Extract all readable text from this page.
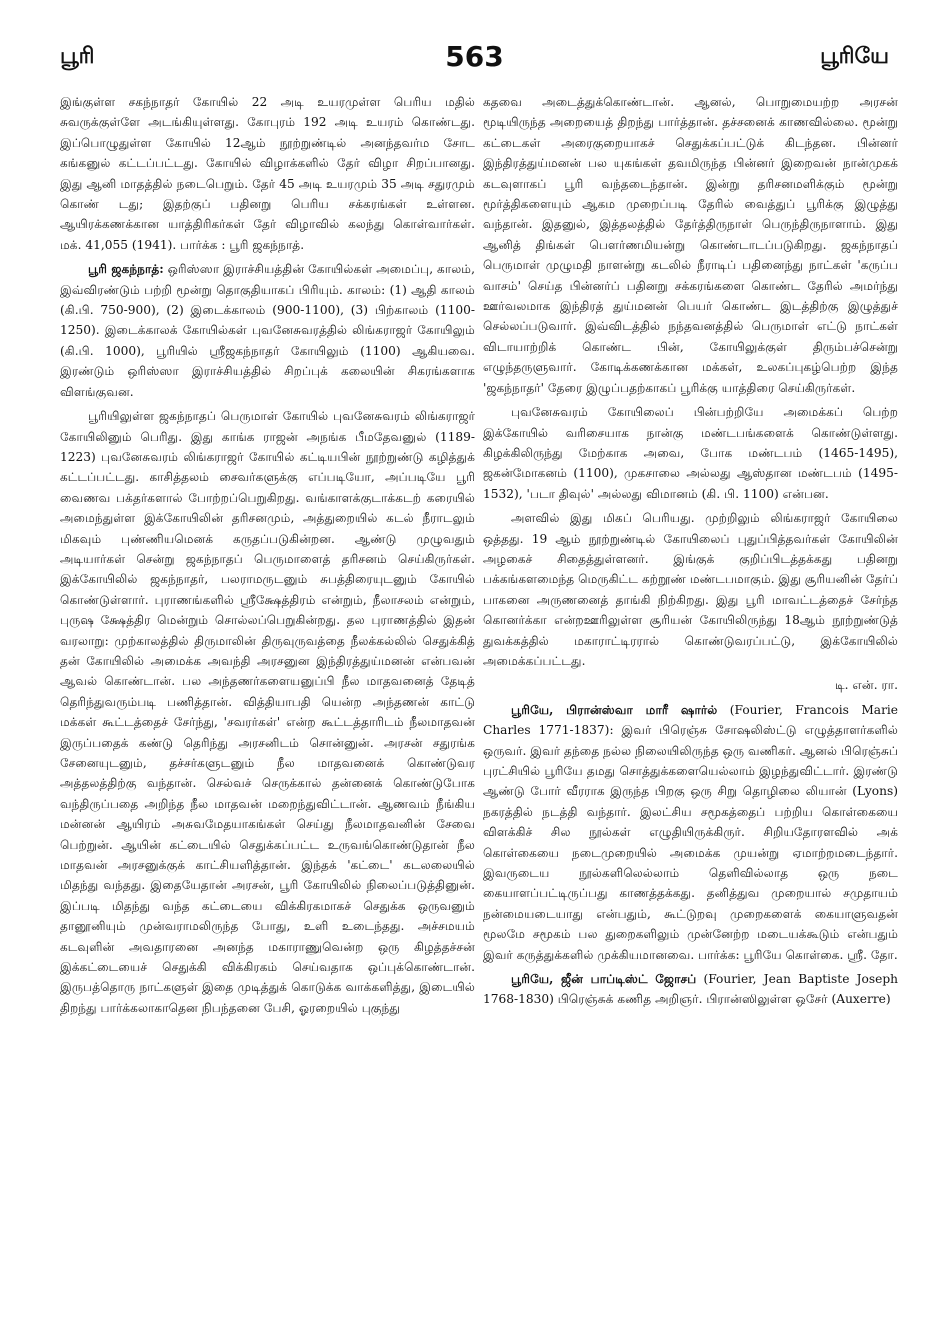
பூரி	563	பூரியே

இங்குள்ள சகந்நாதர் கோயில் 22 அடி உயரமுள்ள பெரிய மதில் சுவருக்குள்ளே அடங்கியுள்ளது. கோபுரம் 192 அடி உயரம் கொண்டது. இப்பொழுதுள்ள கோயில் 12ஆம் நூற்றுண்டில் அனந்தவர்ம சோட கங்கனுல் கட்டப்பட்டது. கோயில் விழாக்களில் தேர் விழா சிறப்பானது. இது ஆனி மாதத்தில் நடைபெறும். தேர் 45 அடி உயரமும் 35 அடி சதுரமும் கொண் டது; இதற்குப் பதினறு பெரிய சக்கரங்கள் உள்ளன. ஆயிரக்கணக்கான யாத்திரிகர்கள் தேர் விழாவில் கலந்து கொள்வார்கள். மக். 41,055 (1941). பார்க்க : பூரி ஜகந்நாத்.

பூரி ஜகந்நாத்: ஒரிஸ்ஸா இராச்சியத்தின் கோயில்கள் அமைப்பு, காலம், இவ்விரண்டும் பற்றி மூன்று தொகுதியாகப் பிரியும். காலம்: (1) ஆதி காலம் (கி.பி. 750-900), (2) இடைக்காலம் (900-1100), (3) பிற்காலம் (1100-1250). இடைக்காலக் கோயில்கள் புவனேசுவரத்தில் லிங்கராஜர் கோயிலும் (கி.பி. 1000), பூரியில் ஸ்ரீஜகந்நாதர் கோயிலும் (1100) ஆகியவை. இரண்டும் ஒரிஸ்ஸா இராச்சியத்தில் சிறப்புக் கலையின் சிகரங்களாக விளங்குவன.

பூரியிலுள்ள ஜகந்நாதப் பெருமாள் கோயில் புவனேசுவரம் லிங்கராஜர் கோயிலினும் பெரிது. இது காங்க ராஜன் அநங்க பீமதேவனுல் (1189-1223) புவனேசுவரம் லிங்கராஜர் கோயில் கட்டியபின் நூற்றுண்டு கழித்துக் கட்டப்பட்டது. காசித்தலம் சைவர்களுக்கு எப்படியோ, அப்படியே பூரி வைணவ பக்தர்களால் போற்றப்பெறுகிறது. வங்காளக்குடாக்கடற் கரையில் அமைந்துள்ள இக்கோயிலின் தரிசனமும், அத்துறையில் கடல் நீராடலும் மிகவும் புண்ணியமெனக் கருதப்படுகின்றன. ஆண்டு முழுவதும் அடியார்கள் சென்று ஜகந்நாதப் பெருமாளைத் தரிசனம் செய்கிருர்கள். இக்கோயிலில் ஜகந்நாதர், பலராமருடனும் சுபத்திரையுடனும் கோயில் கொண்டுள்ளார். புராணங்களில் ஸ்ரீக்ஷேத்திரம் என்றும், நீலாசலம் என்றும், புருஷ க்ஷேத்திர மென்றும் சொல்லப்பெறுகின்றது. தல புராணத்தில் இதன் வரலாறு: முற்காலத்தில் திருமாலின் திருவுருவத்தை நீலக்கல்லில் செதுக்கித் தன் கோயிலில் அமைக்க அவந்தி அரசனுன இந்திரத்துய்மனன் என்பவன் ஆவல் கொண்டான். பல அந்தணர்களையனுப்பி நீல மாதவனைத் தேடித் தெரிந்துவரும்படி பணித்தான். வித்தியாபதி யென்ற அந்தணன் காட்டு மக்கள் கூட்டத்தைச் சேர்ந்து, 'சவரர்கள்' என்ற கூட்டத்தாரிடம் நீலமாதவன் இருப்பதைக் கண்டு தெரிந்து அரசனிடம் சொன்னுன். அரசன் சதுரங்க சேனையுடனும், தச்சர்களுடனும் நீல மாதவனைக் கொண்டுவர அத்தலத்திற்கு வந்தான். செல்வச் செருக்கால் தன்னைக் கொண்டுபோக வந்திருப்பதை அறிந்த நீல மாதவன் மறைந்துவிட்டான். ஆணவம் நீங்கிய மன்னன் ஆயிரம் அசுவமேதயாகங்கள் செய்து நீலமாதவனின் சேவை பெற்றுன். ஆயின் கட்டையில் செதுக்கப்பட்ட உருவங்கொண்டுதான் நீல மாதவன் அரசனுக்குக் காட்சியளித்தான். இந்தக் 'கட்டை' கடலலையில் மிதந்து வந்தது. இதையேதான் அரசன், பூரி கோயிலில் நிலைப்படுத்தினுன். இப்படி மிதந்து வந்த கட்டையை விக்கிரகமாகச் செதுக்க ஒருவனும் தானூனியும் முன்வராமலிருந்த போது, உளி உடைந்தது. அச்சமயம் கடவுளின் அவதாரனை அனந்த மகாராணுவென்ற ஒரு கிழத்தச்சன் இக்கட்டையைச் செதுக்கி விக்கிரகம் செய்வதாக ஒப்புக்கொண்டான். இருபத்தொரு நாட்களுள் இதை முடித்துக் கொடுக்க வாக்களித்து, இடையில் திறந்து பார்க்கலாகாதென நிபந்தனை பேசி, ஓரறையில் புகுந்து

கதவை அடைத்துக்கொண்டான். ஆனல், பொறுமையற்ற அரசன் மூடியிருந்த அறையைத் திறந்து பார்த்தான். தச்சனைக் காணவில்லை. மூன்று கட்டைகள் அரைகுறையாகச் செதுக்கப்பட்டுக் கிடந்தன. பின்னர் இந்திரத்துய்மனன் பல யுகங்கள் தவமிருந்த பின்னர் இறைவன் நான்முகக் கடவுளாகப் பூரி வந்தடைந்தான். இன்று தரிசனமளிக்கும் மூன்று மூர்த்திகளையும் ஆகம முறைப்படி தேரில் வைத்துப் பூரிக்கு இழுத்து வந்தான். இதனுல், இத்தலத்தில் தேர்த்திருநாள் பெருந்திருநாளாம். இது ஆனித் திங்கள் பௌர்ணமியன்று கொண்டாடப்படுகிறது. ஜகந்நாதப் பெருமாள் முழுமதி நாளன்று கடலில் நீராடிப் பதினைந்து நாட்கள் 'கருப்ப வாசம்' செய்த பின்னர்ப் பதினறு சக்கரங்களை கொண்ட தேரில் அமர்ந்து ஊர்வலமாக இந்திரத் துய்மனன் பெயர் கொண்ட இடத்திற்கு இழுத்துச் செல்லப்படுவார். இவ்விடத்தில் நந்தவனத்தில் பெருமாள் எட்டு நாட்கள் விடாயாற்றிக் கொண்ட பின், கோயிலுக்குள் திரும்பச்சென்று எழுந்தருளுவார். கோடிக்கணக்கான மக்கள், உலகப்புகழ்பெற்ற இந்த 'ஜகந்நாதர்' தேரை இழுப்பதற்காகப் பூரிக்கு யாத்திரை செய்கிருர்கள்.

புவனேசுவரம் கோயிலைப் பின்பற்றியே அமைக்கப் பெற்ற இக்கோயில் வரிசையாக நான்கு மண்டபங்களைக் கொண்டுள்ளது. கிழக்கிலிருந்து மேற்காக அவை, போக மண்டபம் (1465-1495), ஜகன்மோகனம் (1100), முகசாலை அல்லது ஆஸ்தான மண்டபம் (1495-1532), 'படா திவுல்' அல்லது விமானம் (கி. பி. 1100) என்பன.

அளவில் இது மிகப் பெரியது. முற்றிலும் லிங்கராஜர் கோயிலை ஒத்தது. 19 ஆம் நூற்றுண்டில் கோயிலைப் புதுப்பித்தவர்கள் கோயிலின் அழகைச் சிதைத்துள்ளனர். இங்குக் குறிப்பிடத்தக்கது பதினறு பக்கங்களமைந்த மெருகிட்ட கற்றூண் மண்டபமாகும். இது சூரியனின் தேர்ப் பாகனை அருணனைத் தாங்கி நிற்கிறது. இது பூரி மாவட்டத்தைச் சேர்ந்த கொனர்க்கா என்றஊரிலுள்ள சூரியன் கோயிலிருந்து 18ஆம் நூற்றுண்டுத் துவக்கத்தில் மகாராட்டிரரால் கொண்டுவரப்பட்டு, இக்கோயிலில் அமைக்கப்பட்டது.

டி. என். ரா.

பூரியே, பிரான்ஸ்வா மாரீ ஷார்ல் (Fourier, Francois Marie Charles 1771-1837): இவர் பிரெஞ்சு சோஷலிஸ்ட்டு எழுத்தாளர்களில் ஒருவர். இவர் தந்தை நல்ல நிலையிலிருந்த ஒரு வணிகர். ஆனல் பிரெஞ்சுப் புரட்சியில் பூரியே தமது சொத்துக்களையெல்லாம் இழந்துவிட்டார். இரண்டு ஆண்டு போர் வீரராக இருந்த பிறகு ஒரு சிறு தொழிலை லியான் (Lyons) நகரத்தில் நடத்தி வந்தார். இலட்சிய சமூகத்தைப் பற்றிய கொள்கையை விளக்கிச் சில நூல்கள் எழுதியிருக்கிருர். சிறியதோரளவில் அக் கொள்கையை நடைமுறையில் அமைக்க முயன்று ஏமாற்றமடைந்தார். இவருடைய நூல்களிலெல்லாம் தெளிவில்லாத ஒரு நடை கையாளப்பட்டிருப்பது காணத்தக்கது. தனித்துவ முறையால் சமுதாயம் நன்மையடையாது என்பதும், கூட்டுறவு முறைகளைக் கையாளுவதன் மூலமே சமூகம் பல துறைகளிலும் முன்னேற்ற மடையக்கூடும் என்பதும் இவர் கருத்துக்களில் முக்கியமானவை. பார்க்க: பூரியே கொள்கை. ஸ்ரீ. தோ.

பூரியே, ஜீன் பாப்டிஸ்ட் ஜோசப் (Fourier, Jean Baptiste Joseph 1768-1830) பிரெஞ்சுக் கணித அறிஞர். பிரான்ஸிலுள்ள ஒசேர் (Auxerre)
